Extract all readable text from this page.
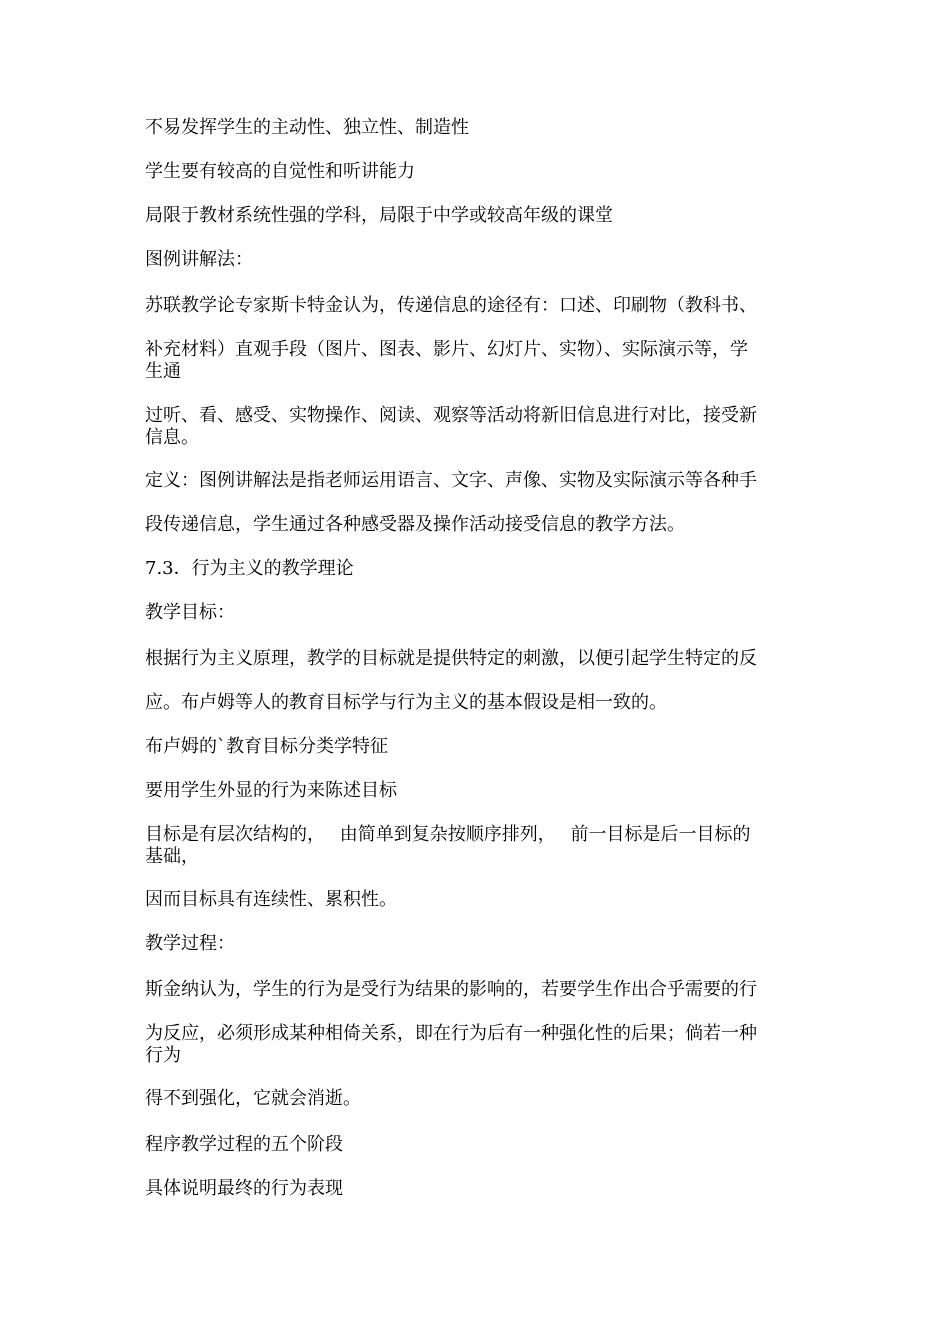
不易发挥学生的主动性、独立性、制造性

学生要有较高的自觉性和听讲能力

局限于教材系统性强的学科，局限于中学或较高年级的课堂

图例讲解法：

苏联教学论专家斯卡特金认为，传递信息的途径有：口述、印刷物（教科书、

补充材料）直观手段（图片、图表、影片、幻灯片、实物）、实际演示等，学
生通

过听、看、感受、实物操作、阅读、观察等活动将新旧信息进行对比，接受新
信息。

定义：图例讲解法是指老师运用语言、文字、声像、实物及实际演示等各种手

段传递信息，学生通过各种感受器及操作活动接受信息的教学方法。

7.3．行为主义的教学理论

教学目标：

根据行为主义原理，教学的目标就是提供特定的刺激，以便引起学生特定的反

应。布卢姆等人的教育目标学与行为主义的基本假设是相一致的。

布卢姆的`教育目标分类学特征

要用学生外显的行为来陈述目标

目标是有层次结构的，　 由简单到复杂按顺序排列，　 前一目标是后一目标的
基础，

因而目标具有连续性、累积性。

教学过程：

斯金纳认为，学生的行为是受行为结果的影响的，若要学生作出合乎需要的行

为反应，必须形成某种相倚关系，即在行为后有一种强化性的后果；倘若一种
行为

得不到强化，它就会消逝。

程序教学过程的五个阶段

具体说明最终的行为表现
